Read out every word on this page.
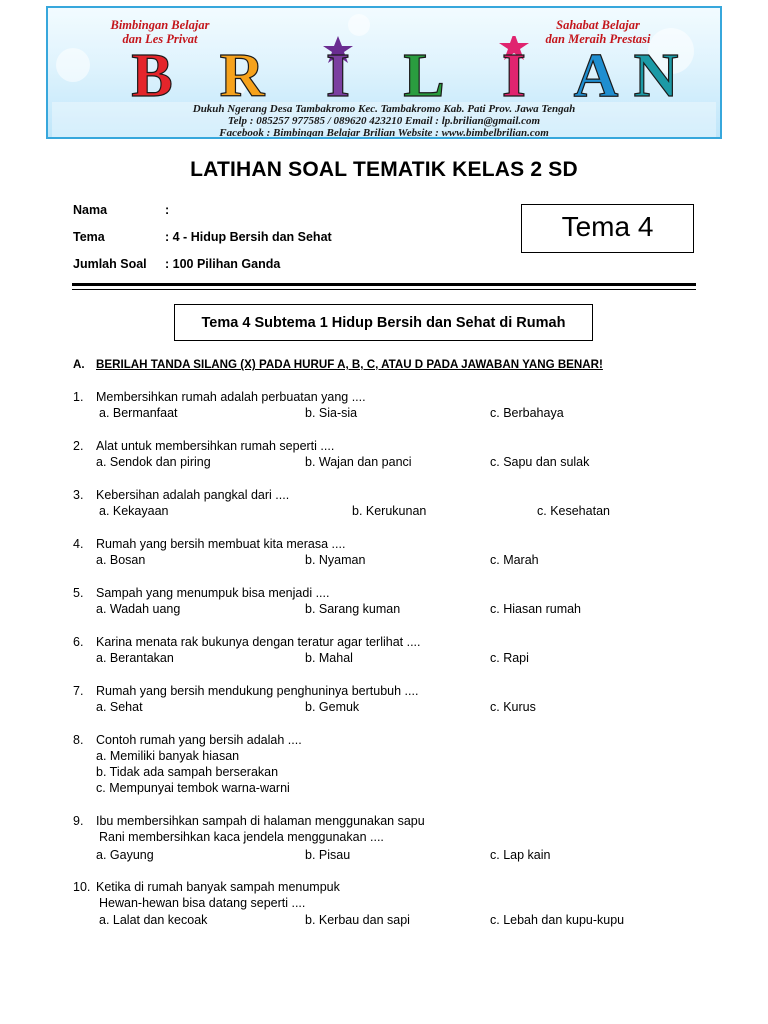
Bimbingan Belajar
dan Les Privat
Sahabat Belajar
dan Meraih Prestasi
B R I L I A N
Dukuh Ngerang Desa Tambakromo Kec. Tambakromo Kab. Pati Prov. Jawa Tengah
Telp : 085257 977585 / 089620 423210 Email : lp.brilian@gmail.com
Facebook : Bimbingan Belajar Brilian Website : www.bimbelbrilian.com
LATIHAN SOAL TEMATIK KELAS 2 SD
Nama	:
Tema	: 4 - Hidup Bersih dan Sehat
Jumlah Soal : 100 Pilihan Ganda
Tema 4
Tema 4 Subtema 1 Hidup Bersih dan Sehat di Rumah
A. BERILAH TANDA SILANG (X) PADA HURUF A, B, C, ATAU D PADA JAWABAN YANG BENAR!
1. Membersihkan rumah adalah perbuatan yang ....
a. Bermanfaat	b. Sia-sia	c. Berbahaya
2. Alat untuk membersihkan rumah seperti ....
a. Sendok dan piring	b. Wajan dan panci	c. Sapu dan sulak
3. Kebersihan adalah pangkal dari ....
a. Kekayaan	b. Kerukunan	c. Kesehatan
4. Rumah yang bersih membuat kita merasa ....
a. Bosan	b. Nyaman	c. Marah
5. Sampah yang menumpuk bisa menjadi ....
a. Wadah uang	b. Sarang kuman	c. Hiasan rumah
6. Karina menata rak bukunya dengan teratur agar terlihat ....
a. Berantakan	b. Mahal	c. Rapi
7. Rumah yang bersih mendukung penghuninya bertubuh ....
a. Sehat	b. Gemuk	c. Kurus
8. Contoh rumah yang bersih adalah ....
a. Memiliki banyak hiasan
b. Tidak ada sampah berserakan
c. Mempunyai tembok warna-warni
9. Ibu membersihkan sampah di halaman menggunakan sapu
Rani membersihkan kaca jendela menggunakan ....
a. Gayung	b. Pisau	c. Lap kain
10. Ketika di rumah banyak sampah menumpuk
Hewan-hewan bisa datang seperti ....
a. Lalat dan kecoak	b. Kerbau dan sapi	c. Lebah dan kupu-kupu
